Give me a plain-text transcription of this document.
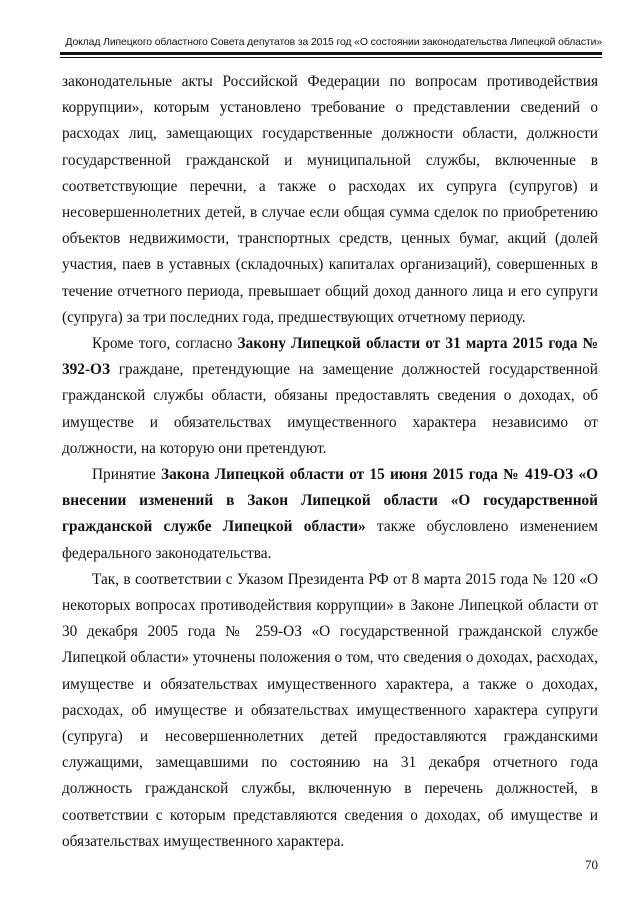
Доклад Липецкого областного Совета депутатов за 2015 год «О состоянии законодательства Липецкой области»

законодательные акты Российской Федерации по вопросам противодействия коррупции», которым установлено требование о представлении сведений о расходах лиц, замещающих государственные должности области, должности государственной гражданской и муниципальной службы, включенные в соответствующие перечни, а также о расходах их супруга (супругов) и несовершеннолетних детей, в случае если общая сумма сделок по приобретению объектов недвижимости, транспортных средств, ценных бумаг, акций (долей участия, паев в уставных (складочных) капиталах организаций), совершенных в течение отчетного периода, превышает общий доход данного лица и его супруги (супруга) за три последних года, предшествующих отчетному периоду.

Кроме того, согласно Закону Липецкой области от 31 марта 2015 года № 392-ОЗ граждане, претендующие на замещение должностей государственной гражданской службы области, обязаны предоставлять сведения о доходах, об имуществе и обязательствах имущественного характера независимо от должности, на которую они претендуют.

Принятие Закона Липецкой области от 15 июня 2015 года № 419-ОЗ «О внесении изменений в Закон Липецкой области «О государственной гражданской службе Липецкой области» также обусловлено изменением федерального законодательства.

Так, в соответствии с Указом Президента РФ от 8 марта 2015 года № 120 «О некоторых вопросах противодействия коррупции» в Законе Липецкой области от 30 декабря 2005 года № 259-ОЗ «О государственной гражданской службе Липецкой области» уточнены положения о том, что сведения о доходах, расходах, имуществе и обязательствах имущественного характера, а также о доходах, расходах, об имуществе и обязательствах имущественного характера супруги (супруга) и несовершеннолетних детей предоставляются гражданскими служащими, замещавшими по состоянию на 31 декабря отчетного года должность гражданской службы, включенную в перечень должностей, в соответствии с которым представляются сведения о доходах, об имуществе и обязательствах имущественного характера.

70
